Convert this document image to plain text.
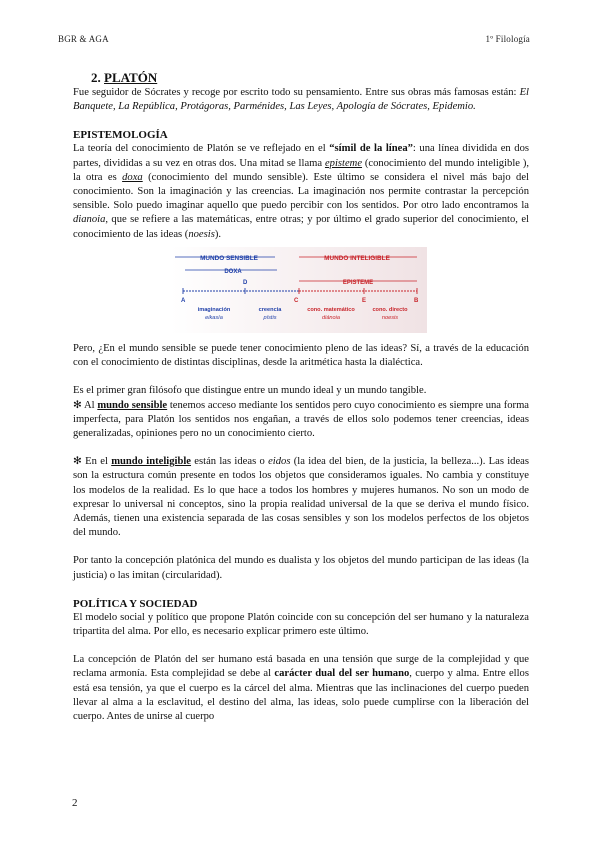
BGR & AGA	1º Filología
2. PLATÓN

Fue seguidor de Sócrates y recoge por escrito todo su pensamiento. Entre sus obras más famosas están: El Banquete, La República, Protágoras, Parménides, Las Leyes, Apología de Sócrates, Epidemio.

EPISTEMOLOGÍA

La teoría del conocimiento de Platón se ve reflejado en el “símil de la línea”: una línea dividida en dos partes, divididas a su vez en otras dos. Una mitad se llama episteme (conocimiento del mundo inteligible ), la otra es doxa (conocimiento del mundo sensible). Este último se considera el nivel más bajo del conocimiento. Son la imaginación y las creencias. La imaginación nos permite contrastar la percepción sensible. Solo puedo imaginar aquello que puedo percibir con los sentidos. Por otro lado encontramos la dianoia, que se refiere a las matemáticas, entre otras; y por último el grado superior del conocimiento, el conocimiento de las ideas (noesis).

MUNDO SENSIBLE	MUNDO INTELIGIBLE
DOXA
EPISTEME
A
D
C	E	B
imaginación
eikasía
creencia
pístis
cono. matemático
diánoia
cono. directo
noesis

Pero, ¿En el mundo sensible se puede tener conocimiento pleno de las ideas? Sí, a través de la educación con el conocimiento de distintas disciplinas, desde la aritmética hasta la dialéctica.

Es el primer gran filósofo que distingue entre un mundo ideal y un mundo tangible.

✻ Al mundo sensible tenemos acceso mediante los sentidos pero cuyo conocimiento es siempre una forma imperfecta, para Platón los sentidos nos engañan, a través de ellos solo podemos tener creencias, ideas generalizadas, opiniones pero no un conocimiento cierto.

✻ En el mundo inteligible están las ideas o eidos (la idea del bien, de la justicia, la belleza...). Las ideas son la estructura común presente en todos los objetos que consideramos iguales. No cambia y constituye los modelos de la realidad. Es lo que hace a todos los hombres y mujeres humanos. No son un modo de expresar lo universal ni conceptos, sino la propia realidad universal de la que se deriva el mundo físico. Además, tienen una existencia separada de las cosas sensibles y son los modelos perfectos de los objetos del mundo.

Por tanto la concepción platónica del mundo es dualista y los objetos del mundo participan de las ideas (la justicia) o las imitan (circularidad).

POLÍTICA Y SOCIEDAD

El modelo social y político que propone Platón coincide con su concepción del ser humano y la naturaleza tripartita del alma. Por ello, es necesario explicar primero este último.

La concepción de Platón del ser humano está basada en una tensión que surge de la complejidad y que reclama armonía. Esta complejidad se debe al carácter dual del ser humano, cuerpo y alma. Entre ellos está esa tensión, ya que el cuerpo es la cárcel del alma. Mientras que las inclinaciones del cuerpo pueden llevar al alma a la esclavitud, el destino del alma, las ideas, solo puede cumplirse con la liberación del cuerpo. Antes de unirse al cuerpo

2
